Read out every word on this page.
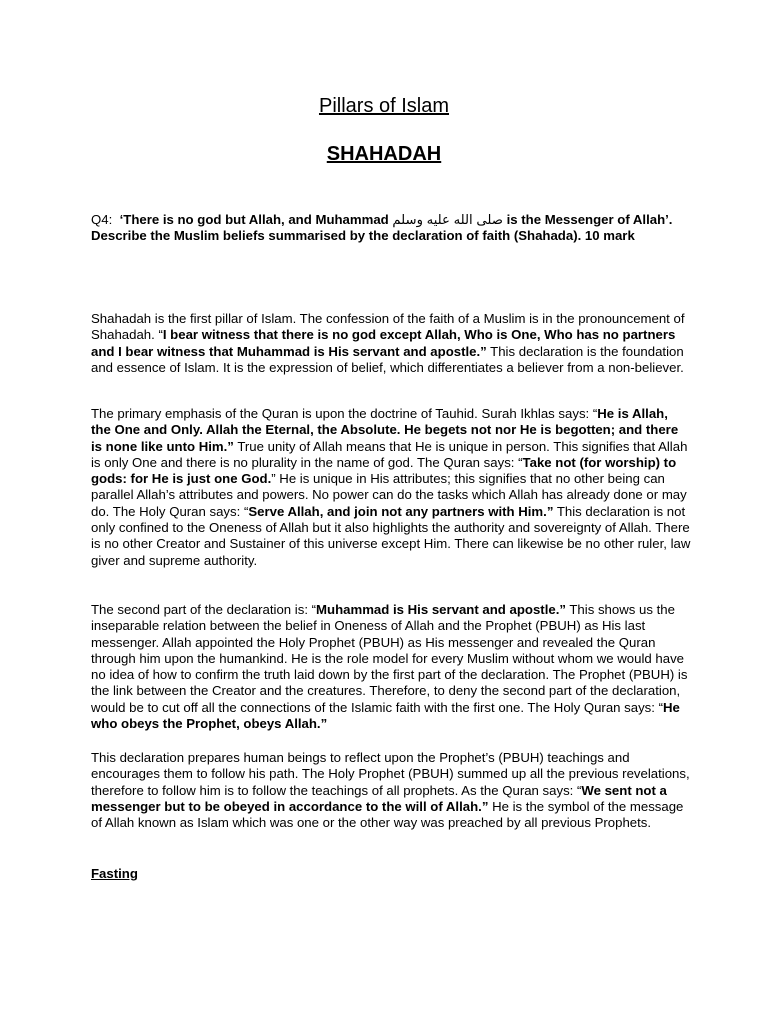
Pillars of Islam
SHAHADAH
Q4: ‘There is no god but Allah, and Muhammad صلى الله عليه وسلم is the Messenger of Allah’. Describe the Muslim beliefs summarised by the declaration of faith (Shahada). 10 mark
Shahadah is the first pillar of Islam. The confession of the faith of a Muslim is in the pronouncement of Shahadah. “I bear witness that there is no god except Allah, Who is One, Who has no partners and I bear witness that Muhammad is His servant and apostle.” This declaration is the foundation and essence of Islam. It is the expression of belief, which differentiates a believer from a non-believer.
The primary emphasis of the Quran is upon the doctrine of Tauhid. Surah Ikhlas says: “He is Allah, the One and Only. Allah the Eternal, the Absolute. He begets not nor He is begotten; and there is none like unto Him.” True unity of Allah means that He is unique in person. This signifies that Allah is only One and there is no plurality in the name of god. The Quran says: “Take not (for worship) to gods: for He is just one God.” He is unique in His attributes; this signifies that no other being can parallel Allah’s attributes and powers. No power can do the tasks which Allah has already done or may do. The Holy Quran says: “Serve Allah, and join not any partners with Him.” This declaration is not only confined to the Oneness of Allah but it also highlights the authority and sovereignty of Allah. There is no other Creator and Sustainer of this universe except Him. There can likewise be no other ruler, law giver and supreme authority.
The second part of the declaration is: “Muhammad is His servant and apostle.” This shows us the inseparable relation between the belief in Oneness of Allah and the Prophet (PBUH) as His last messenger. Allah appointed the Holy Prophet (PBUH) as His messenger and revealed the Quran through him upon the humankind. He is the role model for every Muslim without whom we would have no idea of how to confirm the truth laid down by the first part of the declaration. The Prophet (PBUH) is the link between the Creator and the creatures. Therefore, to deny the second part of the declaration, would be to cut off all the connections of the Islamic faith with the first one. The Holy Quran says: “He who obeys the Prophet, obeys Allah.”
This declaration prepares human beings to reflect upon the Prophet’s (PBUH) teachings and encourages them to follow his path. The Holy Prophet (PBUH) summed up all the previous revelations, therefore to follow him is to follow the teachings of all prophets. As the Quran says: “We sent not a messenger but to be obeyed in accordance to the will of Allah.” He is the symbol of the message of Allah known as Islam which was one or the other way was preached by all previous Prophets.
Fasting
